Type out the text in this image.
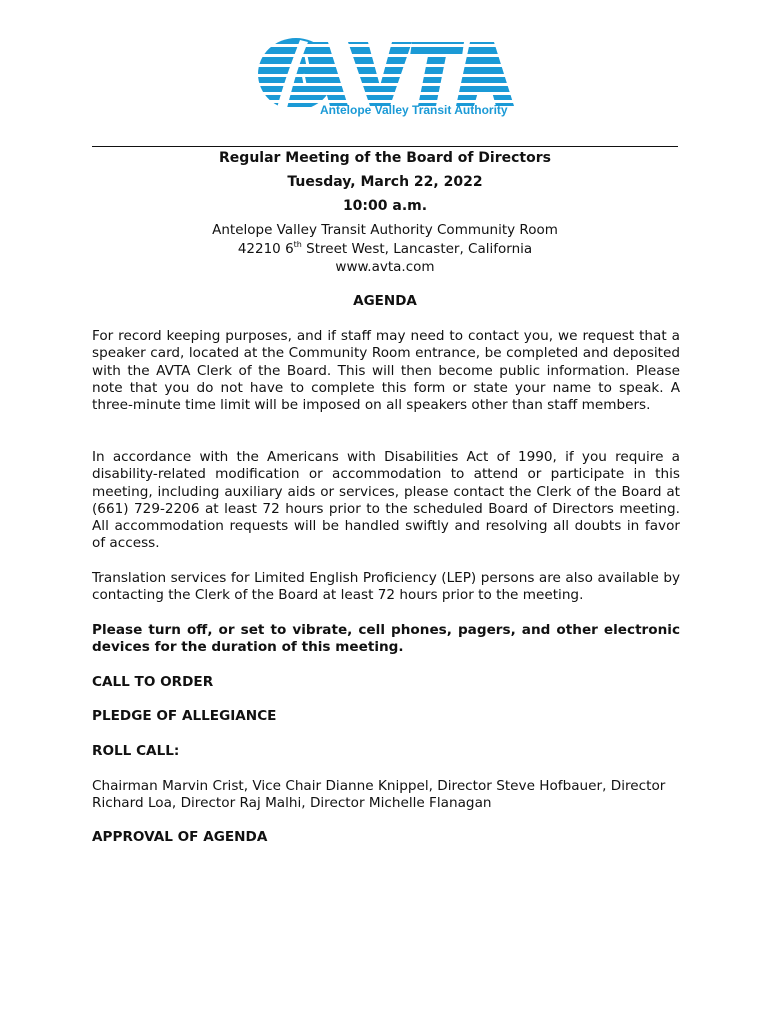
Antelope Valley Transit Authority
Regular Meeting of the Board of Directors
Tuesday, March 22, 2022
10:00 a.m.
Antelope Valley Transit Authority Community Room
42210 6th Street West, Lancaster, California
www.avta.com
AGENDA
For record keeping purposes, and if staff may need to contact you, we request that a speaker card, located at the Community Room entrance, be completed and deposited with the AVTA Clerk of the Board. This will then become public information. Please note that you do not have to complete this form or state your name to speak. A three-minute time limit will be imposed on all speakers other than staff members.
In accordance with the Americans with Disabilities Act of 1990, if you require a disability-related modification or accommodation to attend or participate in this meeting, including auxiliary aids or services, please contact the Clerk of the Board at (661) 729-2206 at least 72 hours prior to the scheduled Board of Directors meeting. All accommodation requests will be handled swiftly and resolving all doubts in favor of access.
Translation services for Limited English Proficiency (LEP) persons are also available by contacting the Clerk of the Board at least 72 hours prior to the meeting.
Please turn off, or set to vibrate, cell phones, pagers, and other electronic devices for the duration of this meeting.
CALL TO ORDER
PLEDGE OF ALLEGIANCE
ROLL CALL:
Chairman Marvin Crist, Vice Chair Dianne Knippel, Director Steve Hofbauer, Director Richard Loa, Director Raj Malhi, Director Michelle Flanagan
APPROVAL OF AGENDA
